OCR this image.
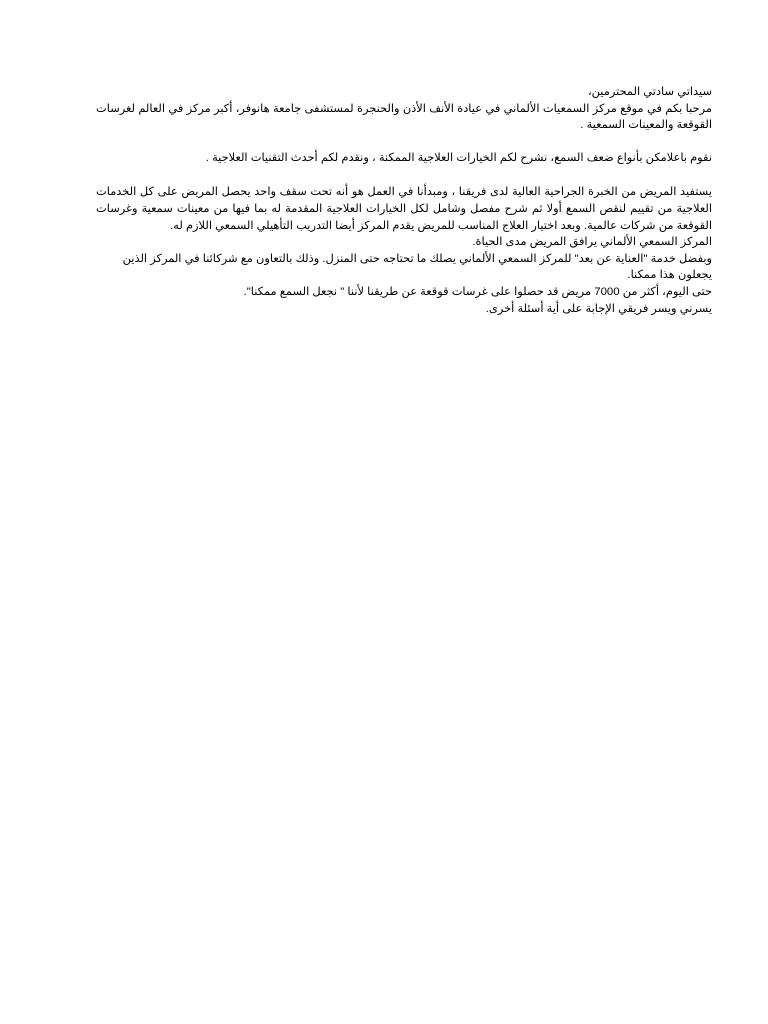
سيداتي سادتي المحترمين،

مرحبا بكم في موقع مركز السمعيات الألماني في عيادة الأنف الأذن والحنجرة لمستشفى جامعة هانوفر، أكبر مركز في العالم لغرسات
القوقعة والمعينات السمعية .

نقوم باعلامكن بأنواع ضعف السمع، نشرح لكم الخيارات العلاجية الممكنة ، ونقدم لكم أحدث التقنيات العلاجية .

يستفيد المريض من الخبرة الجراحية العالية لدى فريقنا ، ومبدأنا في العمل هو أنه تحت سقف واحد يحصل المريض على كل الخدمات
العلاجية من تقييم لنقص السمع أولا ثم شرح مفصل وشامل لكل الخيارات العلاجية المقدمة له بما فيها من معينات سمعية وغرسات
القوقعة من شركات عالمية. وبعد اختيار العلاج المناسب للمريض يقدم المركز أيضا التدريب التأهيلي السمعي اللازم له.

المركز السمعي الألماني يرافق المريض مدى الحياة.

وبفضل خدمة "العناية عن بعد" للمركز السمعي الألماني يصلك ما تحتاجه حتى المنزل. وذلك بالتعاون مع شركائنا في المركز الذين
يجعلون هذا ممكنا.

حتى اليوم، أكثر من 7000 مريض قد حصلوا على غرسات قوقعة عن طريقنا لأننا " نجعل السمع ممكنا".

يسرني ويسر فريقي الإجابة على أية أسئلة أخرى.
